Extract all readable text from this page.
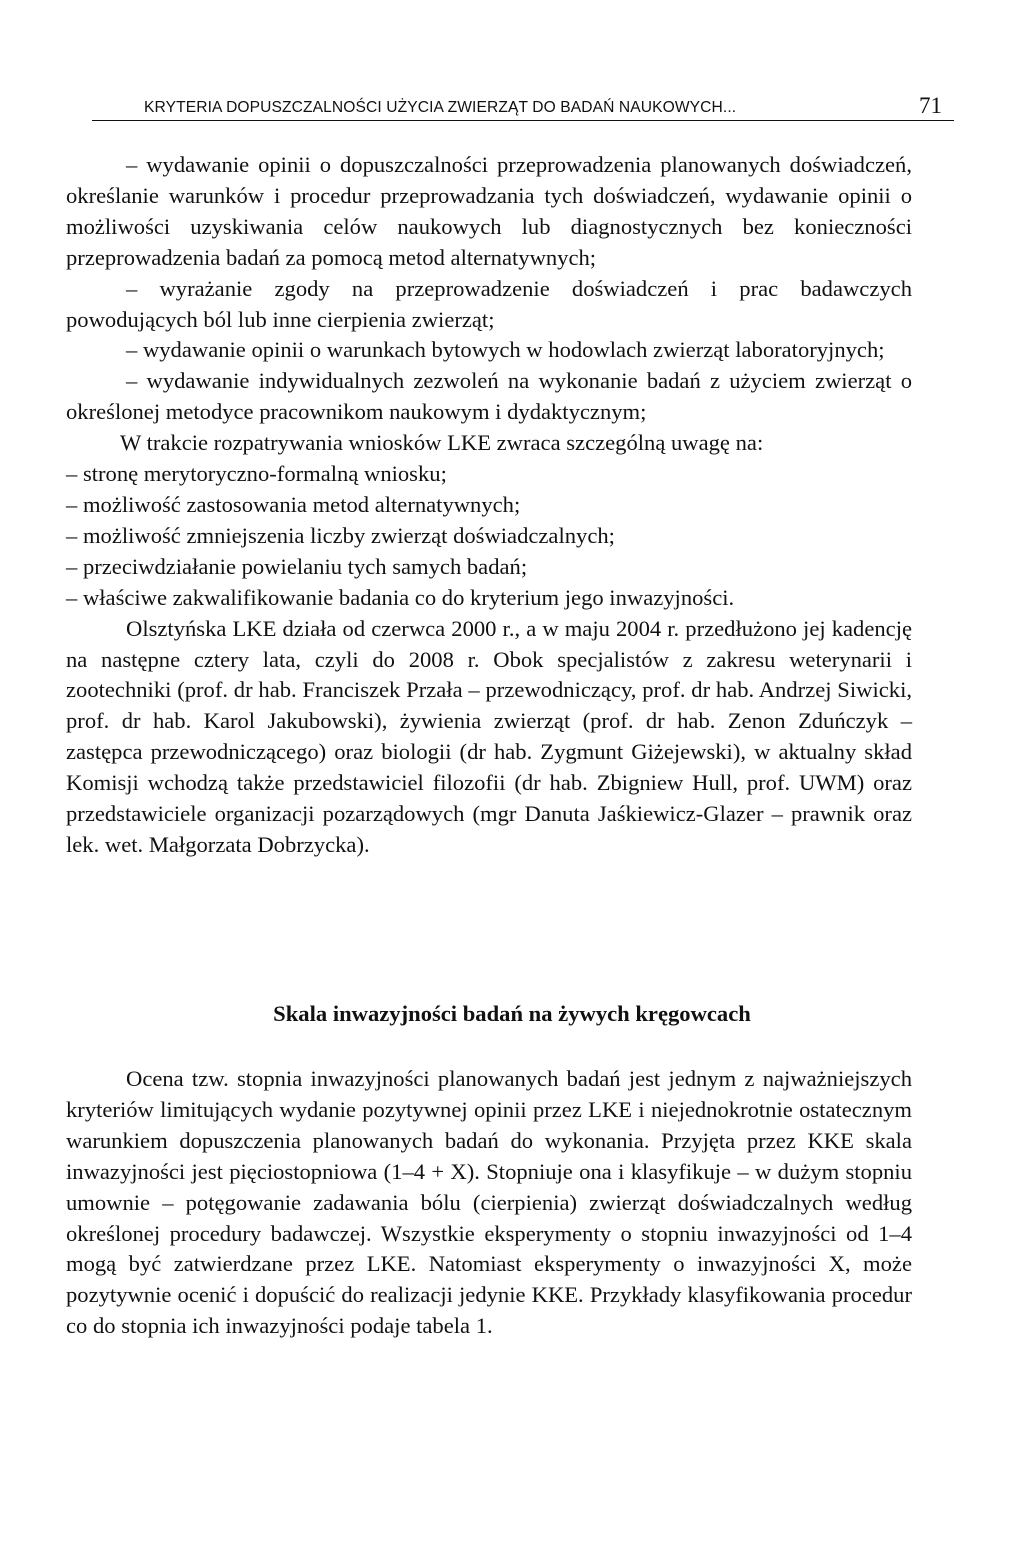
KRYTERIA DOPUSZCZALNOŚCI UŻYCIA ZWIERZĄT DO BADAŃ NAUKOWYCH...	71

– wydawanie opinii o dopuszczalności przeprowadzenia planowanych doświadczeń, określanie warunków i procedur przeprowadzania tych doświadczeń, wydawanie opinii o możliwości uzyskiwania celów naukowych lub diagnostycznych bez konieczności przeprowadzenia badań za pomocą metod alternatywnych;

– wyrażanie zgody na przeprowadzenie doświadczeń i prac badawczych powodujących ból lub inne cierpienia zwierząt;

– wydawanie opinii o warunkach bytowych w hodowlach zwierząt laboratoryjnych;

– wydawanie indywidualnych zezwoleń na wykonanie badań z użyciem zwierząt o określonej metodyce pracownikom naukowym i dydaktycznym;

W trakcie rozpatrywania wniosków LKE zwraca szczególną uwagę na:

– stronę merytoryczno-formalną wniosku;

– możliwość zastosowania metod alternatywnych;

– możliwość zmniejszenia liczby zwierząt doświadczalnych;

– przeciwdziałanie powielaniu tych samych badań;

– właściwe zakwalifikowanie badania co do kryterium jego inwazyjności.

Olsztyńska LKE działa od czerwca 2000 r., a w maju 2004 r. przedłużono jej kadencję na następne cztery lata, czyli do 2008 r. Obok specjalistów z zakresu weterynarii i zootechniki (prof. dr hab. Franciszek Przała – przewodniczący, prof. dr hab. Andrzej Siwicki, prof. dr hab. Karol Jakubowski), żywienia zwierząt (prof. dr hab. Zenon Zduńczyk – zastępca przewodniczącego) oraz biologii (dr hab. Zygmunt Giżejewski), w aktualny skład Komisji wchodzą także przedstawiciel filozofii (dr hab. Zbigniew Hull, prof. UWM) oraz przedstawiciele organizacji pozarządowych (mgr Danuta Jaśkiewicz-Glazer – prawnik oraz lek. wet. Małgorzata Dobrzycka).

Skala inwazyjności badań na żywych kręgowcach

Ocena tzw. stopnia inwazyjności planowanych badań jest jednym z najważniejszych kryteriów limitujących wydanie pozytywnej opinii przez LKE i niejednokrotnie ostatecznym warunkiem dopuszczenia planowanych badań do wykonania. Przyjęta przez KKE skala inwazyjności jest pięciostopniowa (1–4 + X). Stopniuje ona i klasyfikuje – w dużym stopniu umownie – potęgowanie zadawania bólu (cierpienia) zwierząt doświadczalnych według określonej procedury badawczej. Wszystkie eksperymenty o stopniu inwazyjności od 1–4 mogą być zatwierdzane przez LKE. Natomiast eksperymenty o inwazyjności X, może pozytywnie ocenić i dopuścić do realizacji jedynie KKE. Przykłady klasyfikowania procedur co do stopnia ich inwazyjności podaje tabela 1.
